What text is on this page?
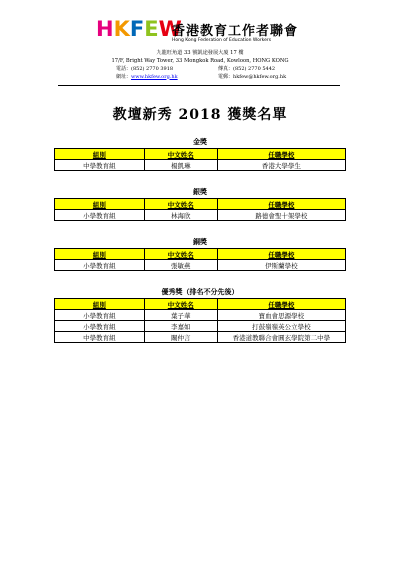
HKFEW
香港教育工作者聯會
Hong Kong Federation of Education Workers
九龍旺角道 33 號凱途發展大廈 17 樓
17/F, Bright Way Tower, 33 Mongkok Road, Kowloon, HONG KONG
電話：(852) 2770 3918	傳真：(852) 2770 5442
網址：www.hkfew.org.hk	電郵：hkfew@hkfew.org.hk
教壇新秀 2018 獲獎名單
金獎
組別	中文姓名	任職學校
中學教育組	楊凱琳	香港大學學生
銀獎
組別	中文姓名	任職學校
小學教育組	林海欣	路德會聖十架學校
銅獎
組別	中文姓名	任職學校
小學教育組	張敏燕	伊斯蘭學校
優秀獎（排名不分先後）
組別	中文姓名	任職學校
小學教育組	葉子華	寶血會思源學校
小學教育組	李嘉如	打鼓嶺嶺英公立學校
中學教育組	關仲言	香港道教聯合會圓玄學院第二中學
